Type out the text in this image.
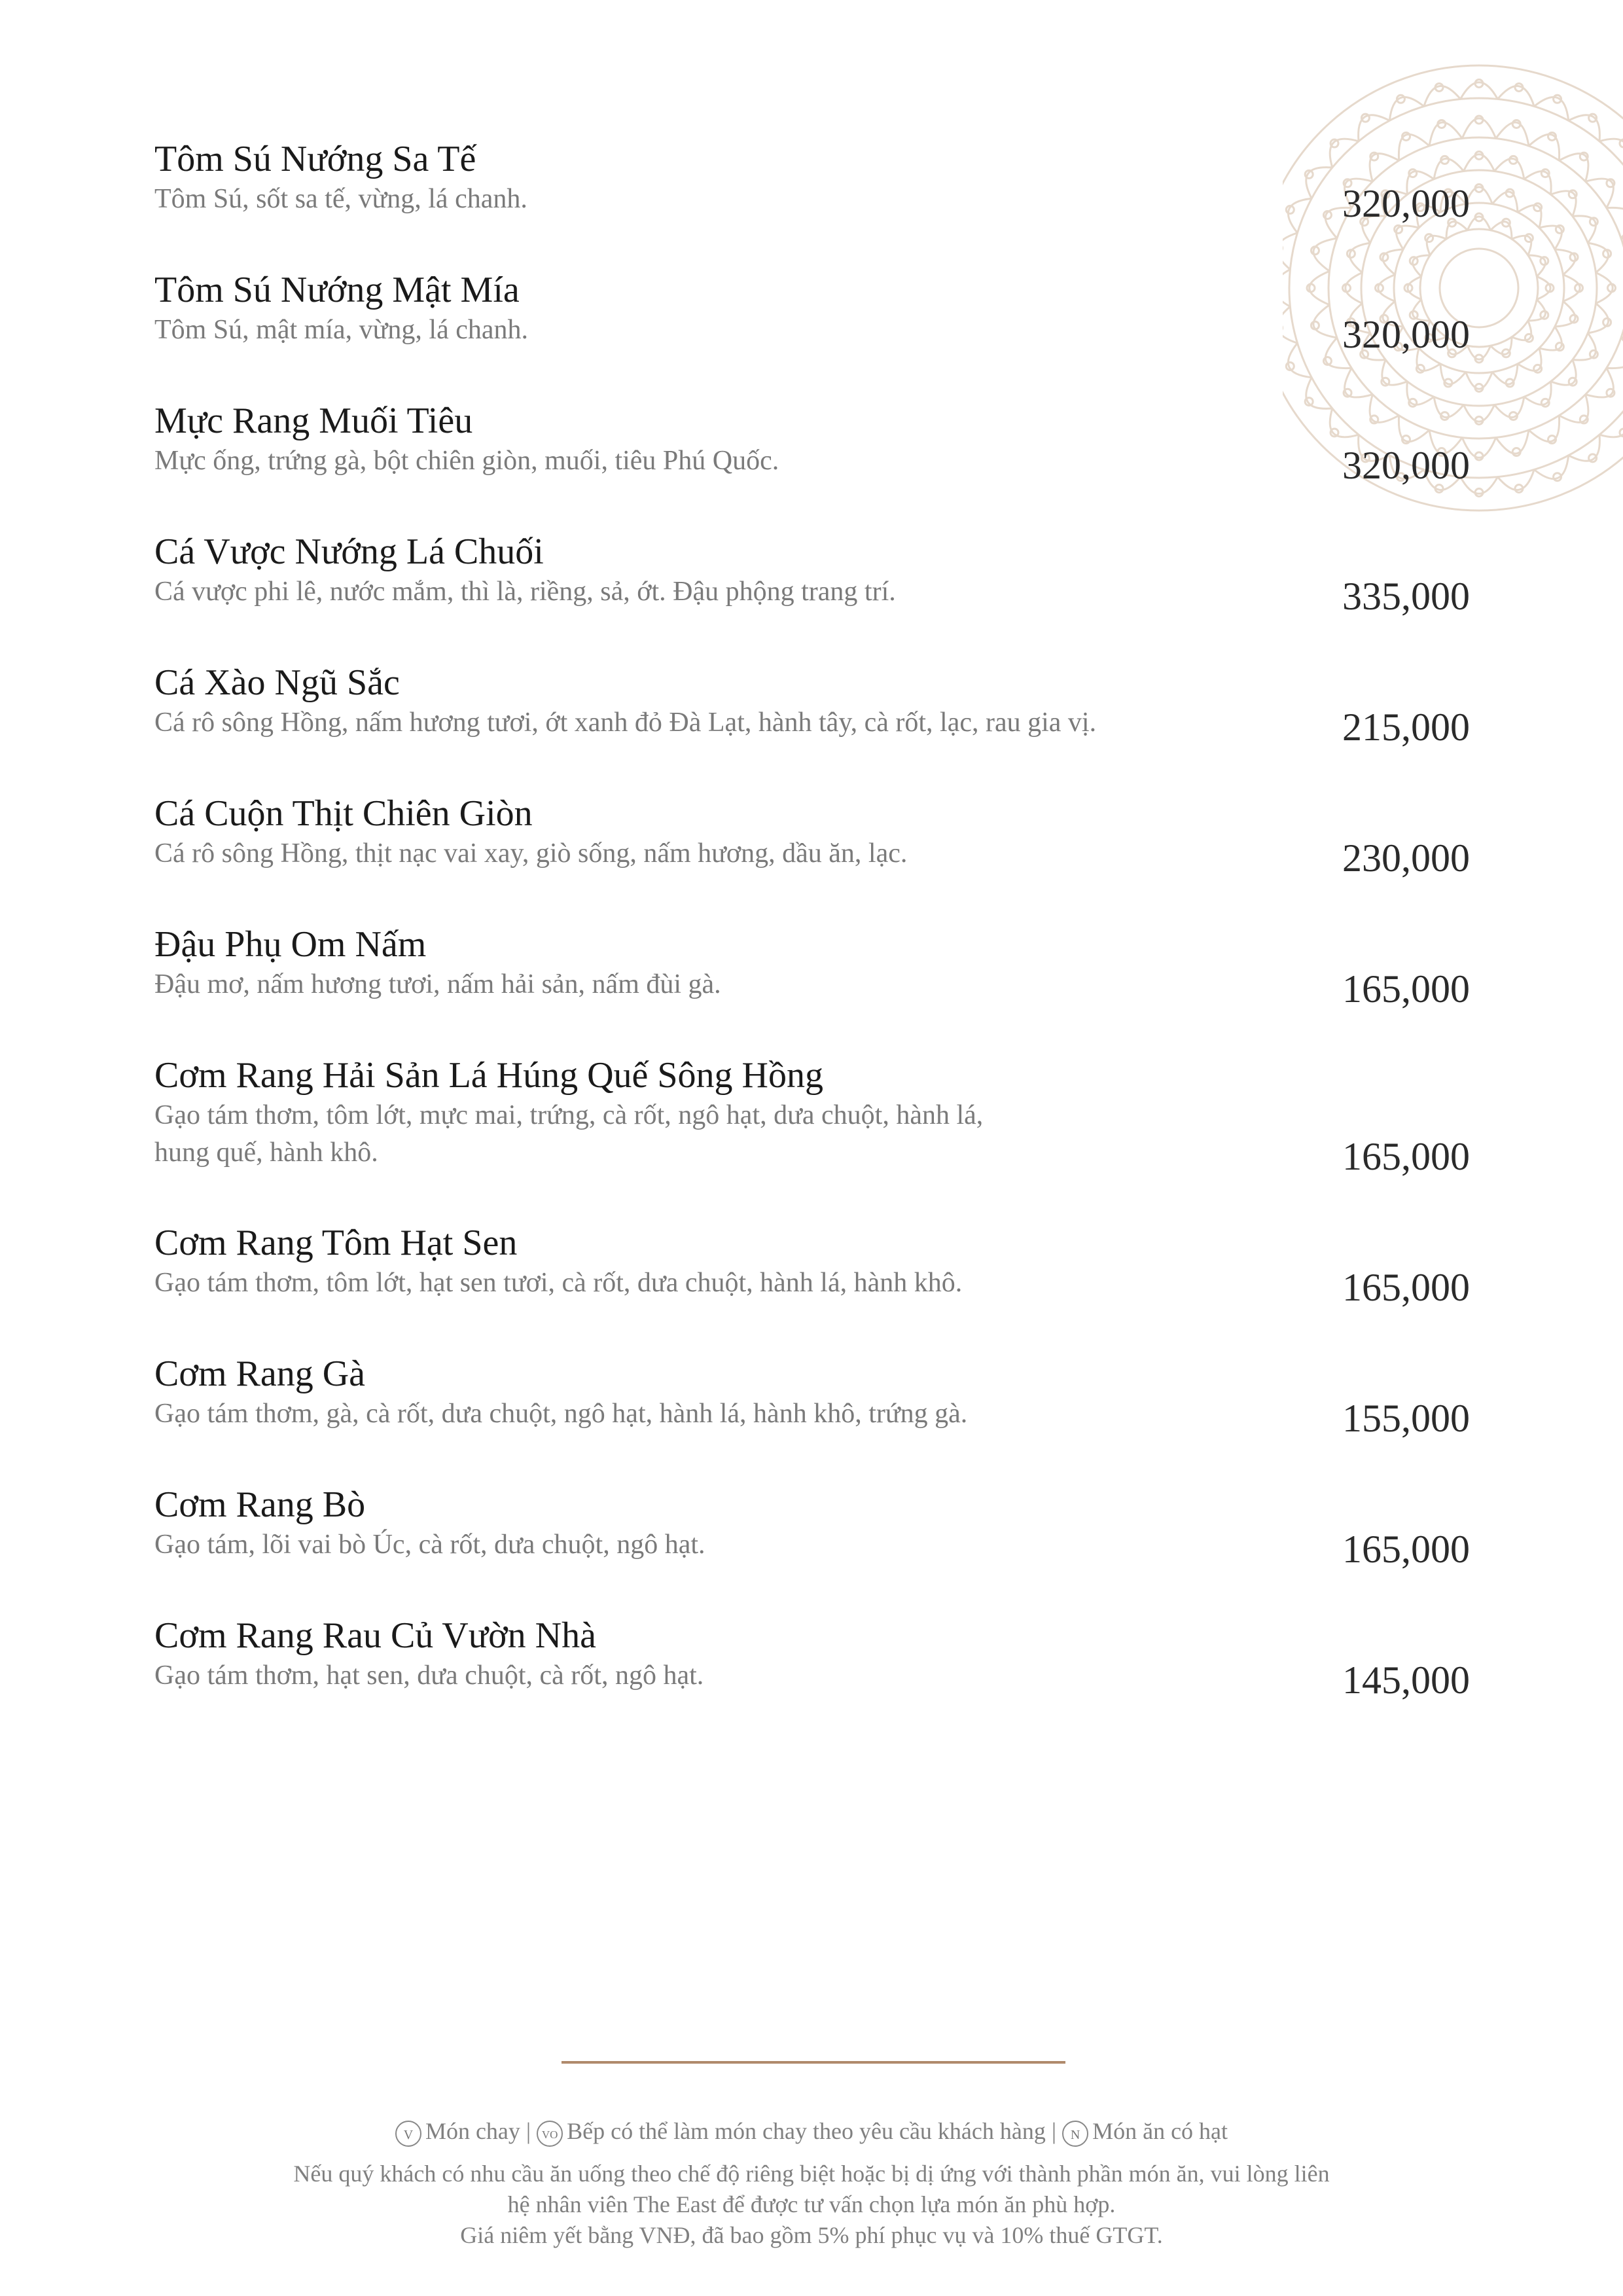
Tôm Sú Nướng Sa Tế
Tôm Sú, sốt sa tế, vừng, lá chanh.	320,000
Tôm Sú Nướng Mật Mía
Tôm Sú, mật mía, vừng, lá chanh.	320,000
Mực Rang Muối Tiêu
Mực ống, trứng gà, bột chiên giòn, muối, tiêu Phú Quốc.	320,000
Cá Vược Nướng Lá Chuối
Cá vược phi lê, nước mắm, thì là, riềng, sả, ớt. Đậu phộng trang trí.	335,000
Cá Xào Ngũ Sắc
Cá rô sông Hồng, nấm hương tươi, ớt xanh đỏ Đà Lạt, hành tây, cà rốt, lạc, rau gia vị.	215,000
Cá Cuộn Thịt Chiên Giòn
Cá rô sông Hồng, thịt nạc vai xay, giò sống, nấm hương, dầu ăn, lạc.	230,000
Đậu Phụ Om Nấm
Đậu mơ, nấm hương tươi, nấm hải sản, nấm đùi gà.	165,000
Cơm Rang Hải Sản Lá Húng Quế Sông Hồng
Gạo tám thơm, tôm lớt, mực mai, trứng, cà rốt, ngô hạt, dưa chuột, hành lá,
hung quế, hành khô.	165,000
Cơm Rang Tôm Hạt Sen
Gạo tám thơm, tôm lớt, hạt sen tươi, cà rốt, dưa chuột, hành lá, hành khô.	165,000
Cơm Rang Gà
Gạo tám thơm, gà, cà rốt, dưa chuột, ngô hạt, hành lá, hành khô, trứng gà.	155,000
Cơm Rang Bò
Gạo tám, lõi vai bò Úc, cà rốt, dưa chuột, ngô hạt.	165,000
Cơm Rang Rau Củ Vườn Nhà
Gạo tám thơm, hạt sen, dưa chuột, cà rốt, ngô hạt.	145,000
V Món chay | VO Bếp có thể làm món chay theo yêu cầu khách hàng | N Món ăn có hạt
Nếu quý khách có nhu cầu ăn uống theo chế độ riêng biệt hoặc bị dị ứng với thành phần món ăn, vui lòng liên
hệ nhân viên The East để được tư vấn chọn lựa món ăn phù hợp.
Giá niêm yết bằng VNĐ, đã bao gồm 5% phí phục vụ và 10% thuế GTGT.
